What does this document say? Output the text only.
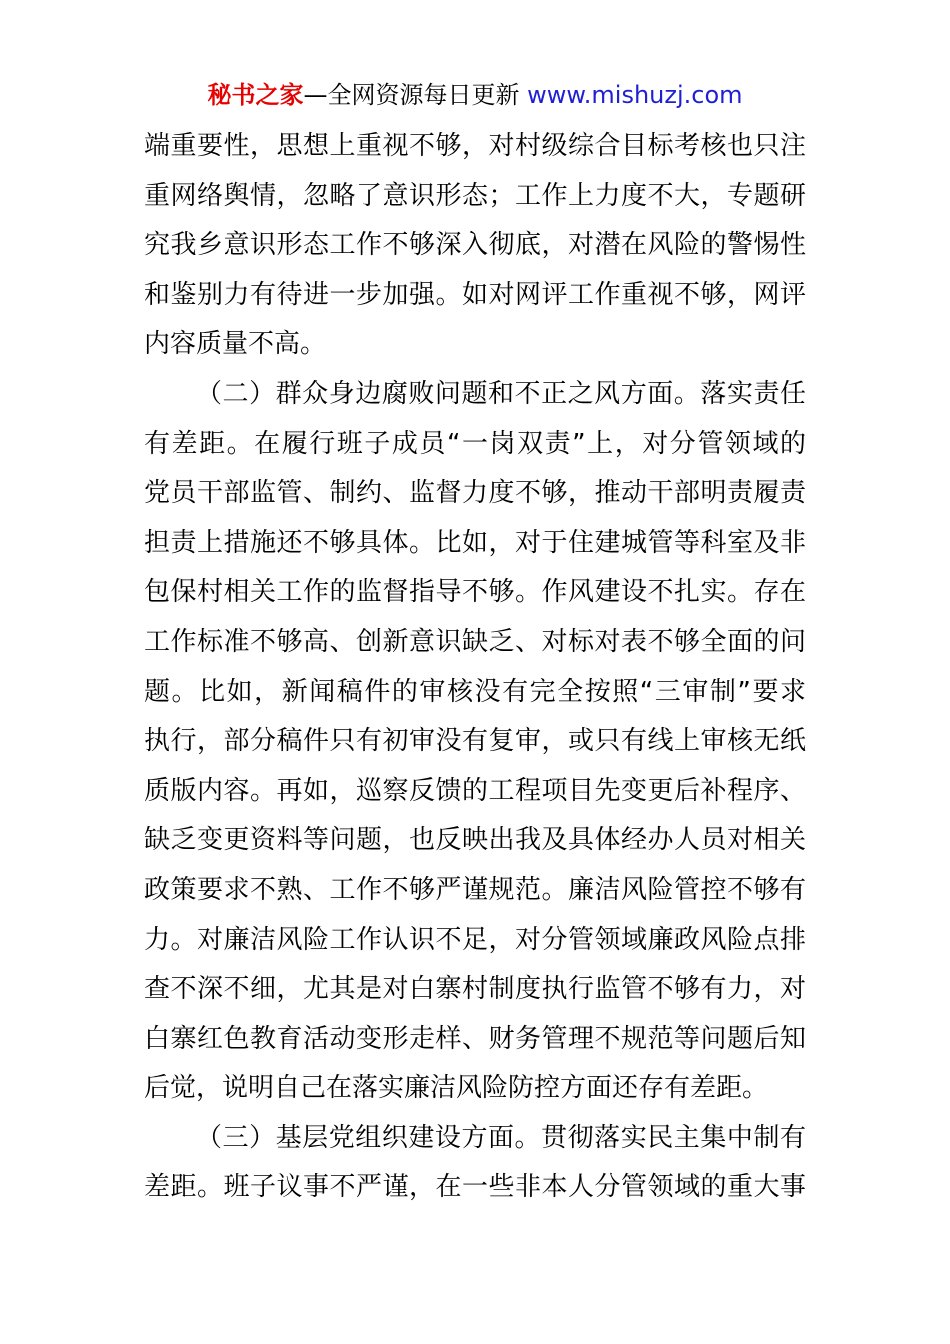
秘书之家—全网资源每日更新 www.mishuzj.com
端重要性，思想上重视不够，对村级综合目标考核也只注
重网络舆情，忽略了意识形态；工作上力度不大，专题研
究我乡意识形态工作不够深入彻底，对潜在风险的警惕性
和鉴别力有待进一步加强。如对网评工作重视不够，网评
内容质量不高。
（二）群众身边腐败问题和不正之风方面。落实责任
有差距。在履行班子成员“一岗双责”上，对分管领域的
党员干部监管、制约、监督力度不够，推动干部明责履责
担责上措施还不够具体。比如，对于住建城管等科室及非
包保村相关工作的监督指导不够。作风建设不扎实。存在
工作标准不够高、创新意识缺乏、对标对表不够全面的问
题。比如，新闻稿件的审核没有完全按照“三审制”要求
执行，部分稿件只有初审没有复审，或只有线上审核无纸
质版内容。再如，巡察反馈的工程项目先变更后补程序、
缺乏变更资料等问题，也反映出我及具体经办人员对相关
政策要求不熟、工作不够严谨规范。廉洁风险管控不够有
力。对廉洁风险工作认识不足，对分管领域廉政风险点排
查不深不细，尤其是对白寨村制度执行监管不够有力，对
白寨红色教育活动变形走样、财务管理不规范等问题后知
后觉，说明自己在落实廉洁风险防控方面还存有差距。
（三）基层党组织建设方面。贯彻落实民主集中制有
差距。班子议事不严谨，在一些非本人分管领域的重大事
